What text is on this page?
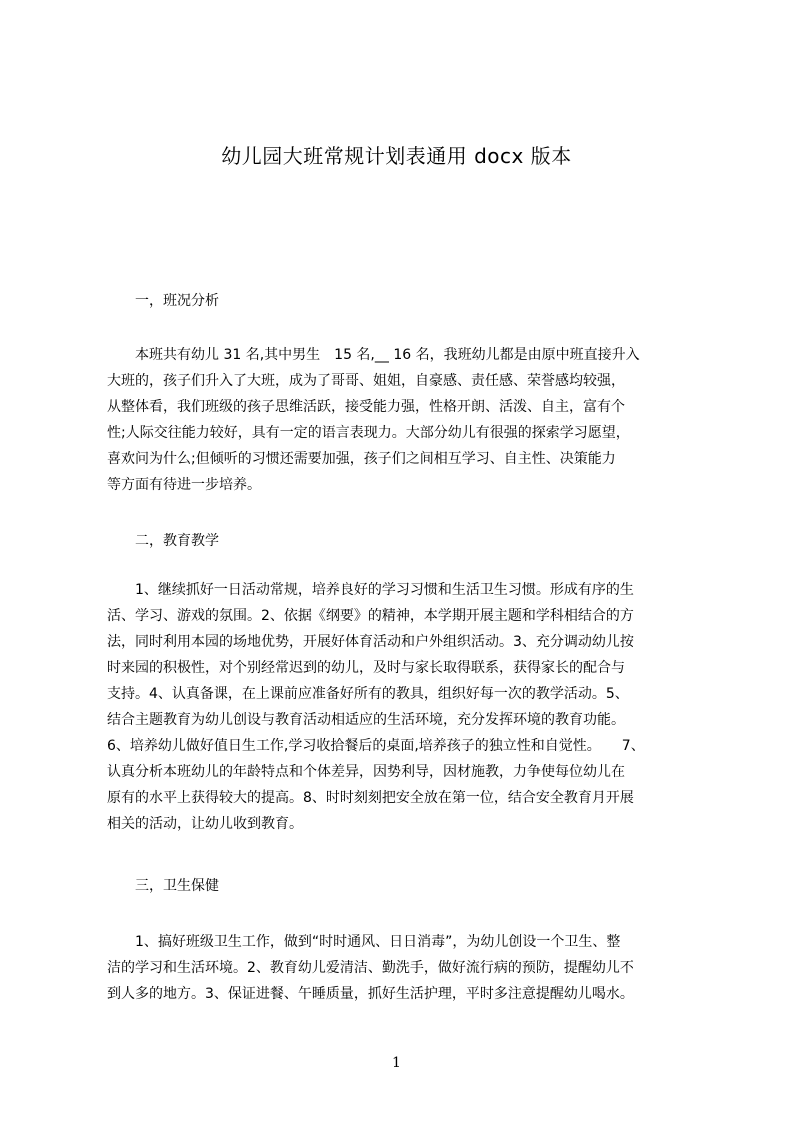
幼儿园大班常规计划表通用 docx 版本
一，班况分析
　　本班共有幼儿 31 名,其中男生　15 名,__ 16 名，我班幼儿都是由原中班直接升入
大班的，孩子们升入了大班，成为了哥哥、姐姐，自豪感、责任感、荣誉感均较强，
从整体看，我们班级的孩子思维活跃，接受能力强，性格开朗、活泼、自主，富有个
性;人际交往能力较好，具有一定的语言表现力。大部分幼儿有很强的探索学习愿望，
喜欢问为什么;但倾听的习惯还需要加强，孩子们之间相互学习、自主性、决策能力
等方面有待进一步培养。
二，教育教学
　　1、继续抓好一日活动常规，培养良好的学习习惯和生活卫生习惯。形成有序的生
活、学习、游戏的氛围。2、依据《纲要》的精神，本学期开展主题和学科相结合的方
法，同时利用本园的场地优势，开展好体育活动和户外组织活动。3、充分调动幼儿按
时来园的积极性，对个别经常迟到的幼儿，及时与家长取得联系，获得家长的配合与
支持。4、认真备课，在上课前应准备好所有的教具，组织好每一次的教学活动。5、
结合主题教育为幼儿创设与教育活动相适应的生活环境，充分发挥环境的教育功能。
6、培养幼儿做好值日生工作,学习收拾餐后的桌面,培养孩子的独立性和自觉性。　　7、
认真分析本班幼儿的年龄特点和个体差异，因势利导，因材施教，力争使每位幼儿在
原有的水平上获得较大的提高。8、时时刻刻把安全放在第一位，结合安全教育月开展
相关的活动，让幼儿收到教育。
三，卫生保健
　　1、搞好班级卫生工作，做到“时时通风、日日消毒”，为幼儿创设一个卫生、整
洁的学习和生活环境。2、教育幼儿爱清洁、勤洗手，做好流行病的预防，提醒幼儿不
到人多的地方。3、保证进餐、午睡质量，抓好生活护理，平时多注意提醒幼儿喝水。
1
